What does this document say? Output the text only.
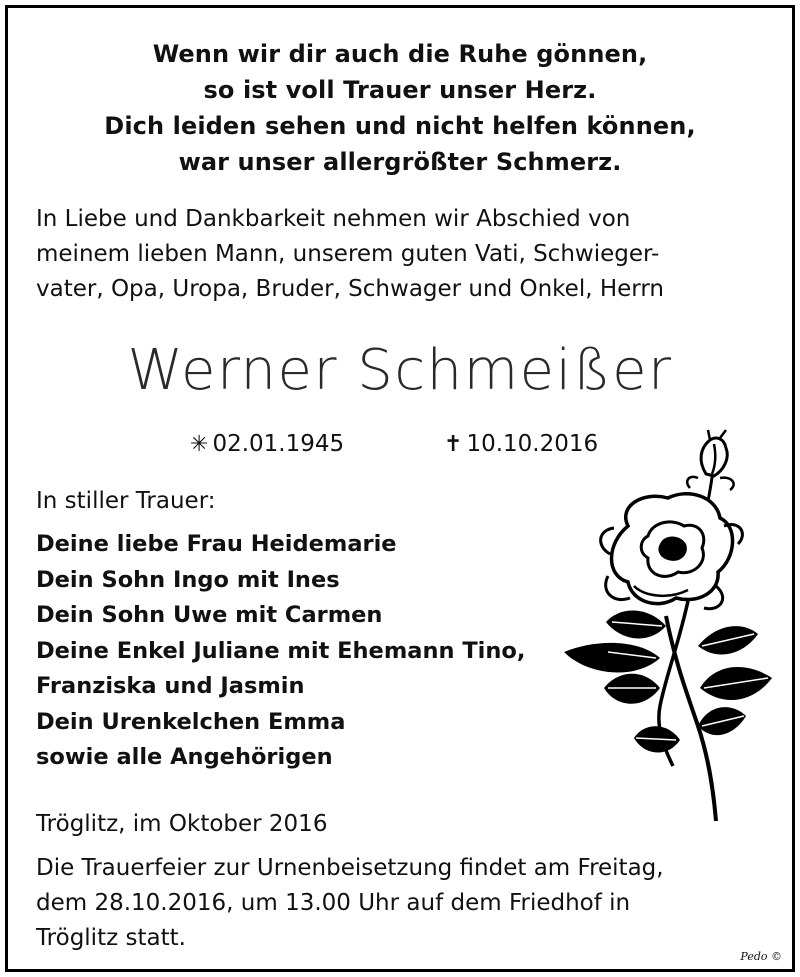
Wenn wir dir auch die Ruhe gönnen,
so ist voll Trauer unser Herz.
Dich leiden sehen und nicht helfen können,
war unser allergrößter Schmerz.
In Liebe und Dankbarkeit nehmen wir Abschied von
meinem lieben Mann, unserem guten Vati, Schwieger-
vater, Opa, Uropa, Bruder, Schwager und Onkel, Herrn
Werner Schmeißer
✳ 02.01.1945	✝ 10.10.2016
In stiller Trauer:
Deine liebe Frau Heidemarie
Dein Sohn Ingo mit Ines
Dein Sohn Uwe mit Carmen
Deine Enkel Juliane mit Ehemann Tino,
Franziska und Jasmin
Dein Urenkelchen Emma
sowie alle Angehörigen
Tröglitz, im Oktober 2016
Die Trauerfeier zur Urnenbeisetzung findet am Freitag,
dem 28.10.2016, um 13.00 Uhr auf dem Friedhof in
Tröglitz statt.
Pedo ©
